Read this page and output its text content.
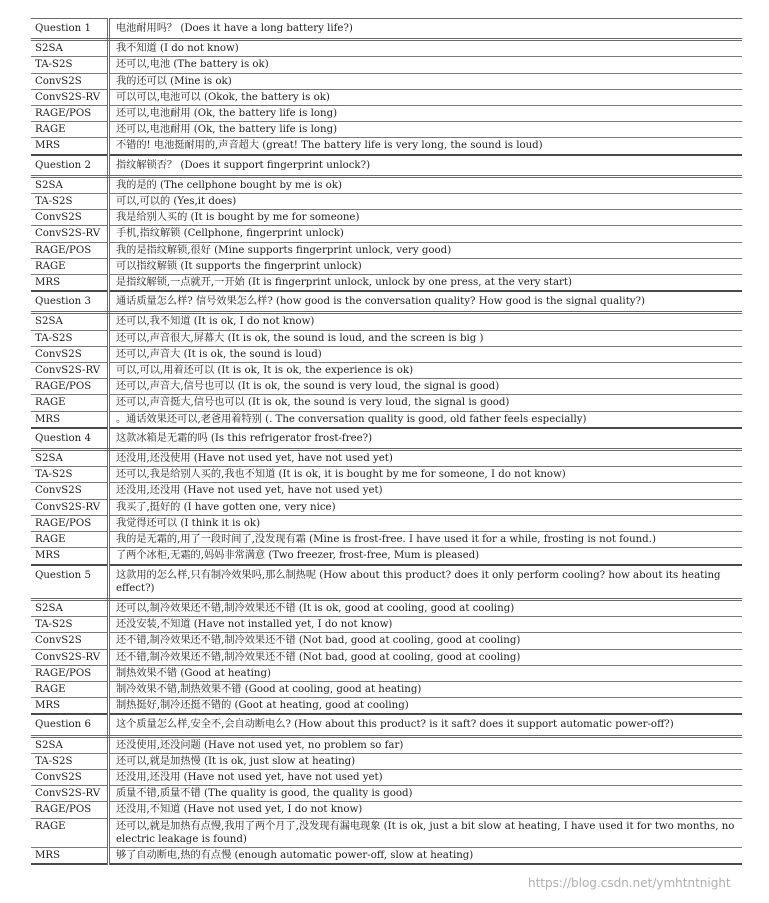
Question 1	电池耐用吗？ (Does it have a long battery life?)
S2SA	我不知道 (I do not know)
TA-S2S	还可以,电池 (The battery is ok)
ConvS2S	我的还可以 (Mine is ok)
ConvS2S-RV	可以可以,电池可以 (Okok, the battery is ok)
RAGE/POS	还可以,电池耐用 (Ok, the battery life is long)
RAGE	还可以,电池耐用 (Ok, the battery life is long)
MRS	不错的! 电池挺耐用的,声音超大 (great! The battery life is very long, the sound is loud)
Question 2	指纹解锁否？ (Does it support fingerprint unlock?)
S2SA	我的是的 (The cellphone bought by me is ok)
TA-S2S	可以,可以的 (Yes,it does)
ConvS2S	我是给别人买的 (It is bought by me for someone)
ConvS2S-RV	手机,指纹解锁 (Cellphone, fingerprint unlock)
RAGE/POS	我的是指纹解锁,很好 (Mine supports fingerprint unlock, very good)
RAGE	可以指纹解锁 (It supports the fingerprint unlock)
MRS	是指纹解锁,一点就开,一开始 (It is fingerprint unlock, unlock by one press, at the very start)
Question 3	通话质量怎么样? 信号效果怎么样? (how good is the conversation quality? How good is the signal quality?)
S2SA	还可以,我不知道 (It is ok, I do not know)
TA-S2S	还可以,声音很大,屏幕大 (It is ok, the sound is loud, and the screen is big )
ConvS2S	还可以,声音大 (It is ok, the sound is loud)
ConvS2S-RV	可以,可以,用着还可以 (It is ok, It is ok, the experience is ok)
RAGE/POS	还可以,声音大,信号也可以 (It is ok, the sound is very loud, the signal is good)
RAGE	还可以,声音挺大,信号也可以 (It is ok, the sound is very loud, the signal is good)
MRS	。通话效果还可以,老爸用着特别 (. The conversation quality is good, old father feels especially)
Question 4	这款冰箱是无霜的吗 (Is this refrigerator frost-free?)
S2SA	还没用,还没使用 (Have not used yet, have not used yet)
TA-S2S	还可以,我是给别人买的,我也不知道 (It is ok, it is bought by me for someone, I do not know)
ConvS2S	还没用,还没用 (Have not used yet, have not used yet)
ConvS2S-RV	我买了,挺好的 (I have gotten one, very nice)
RAGE/POS	我觉得还可以 (I think it is ok)
RAGE	我的是无霜的,用了一段时间了,没发现有霜 (Mine is frost-free. I have used it for a while, frosting is not found.)
MRS	了两个冰柜,无霜的,妈妈非常满意 (Two freezer, frost-free, Mum is pleased)
Question 5	这款用的怎么样,只有制冷效果吗,那么制热呢 (How about this product? does it only perform cooling? how about its heating effect?)
S2SA	还可以,制冷效果还不错,制冷效果还不错 (It is ok, good at cooling, good at cooling)
TA-S2S	还没安装,不知道 (Have not installed yet, I do not know)
ConvS2S	还不错,制冷效果还不错,制冷效果还不错 (Not bad, good at cooling, good at cooling)
ConvS2S-RV	还不错,制冷效果还不错,制冷效果还不错 (Not bad, good at cooling, good at cooling)
RAGE/POS	制热效果不错 (Good at heating)
RAGE	制冷效果不错,制热效果不错 (Good at cooling, good at heating)
MRS	制热挺好,制冷还挺不错的 (Goot at heating, good at cooling)
Question 6	这个质量怎么样,安全不,会自动断电么? (How about this product? is it saft? does it support automatic power-off?)
S2SA	还没使用,还没问题 (Have not used yet, no problem so far)
TA-S2S	还可以,就是加热慢 (It is ok, just slow at heating)
ConvS2S	还没用,还没用 (Have not used yet, have not used yet)
ConvS2S-RV	质量不错,质量不错 (The quality is good, the quality is good)
RAGE/POS	还没用,不知道 (Have not used yet, I do not know)
RAGE	还可以,就是加热有点慢,我用了两个月了,没发现有漏电现象 (It is ok, just a bit slow at heating, I have used it for two months, no electric leakage is found)
MRS	够了自动断电,热的有点慢 (enough automatic power-off, slow at heating)
https://blog.csdn.net/ymhtntnight
